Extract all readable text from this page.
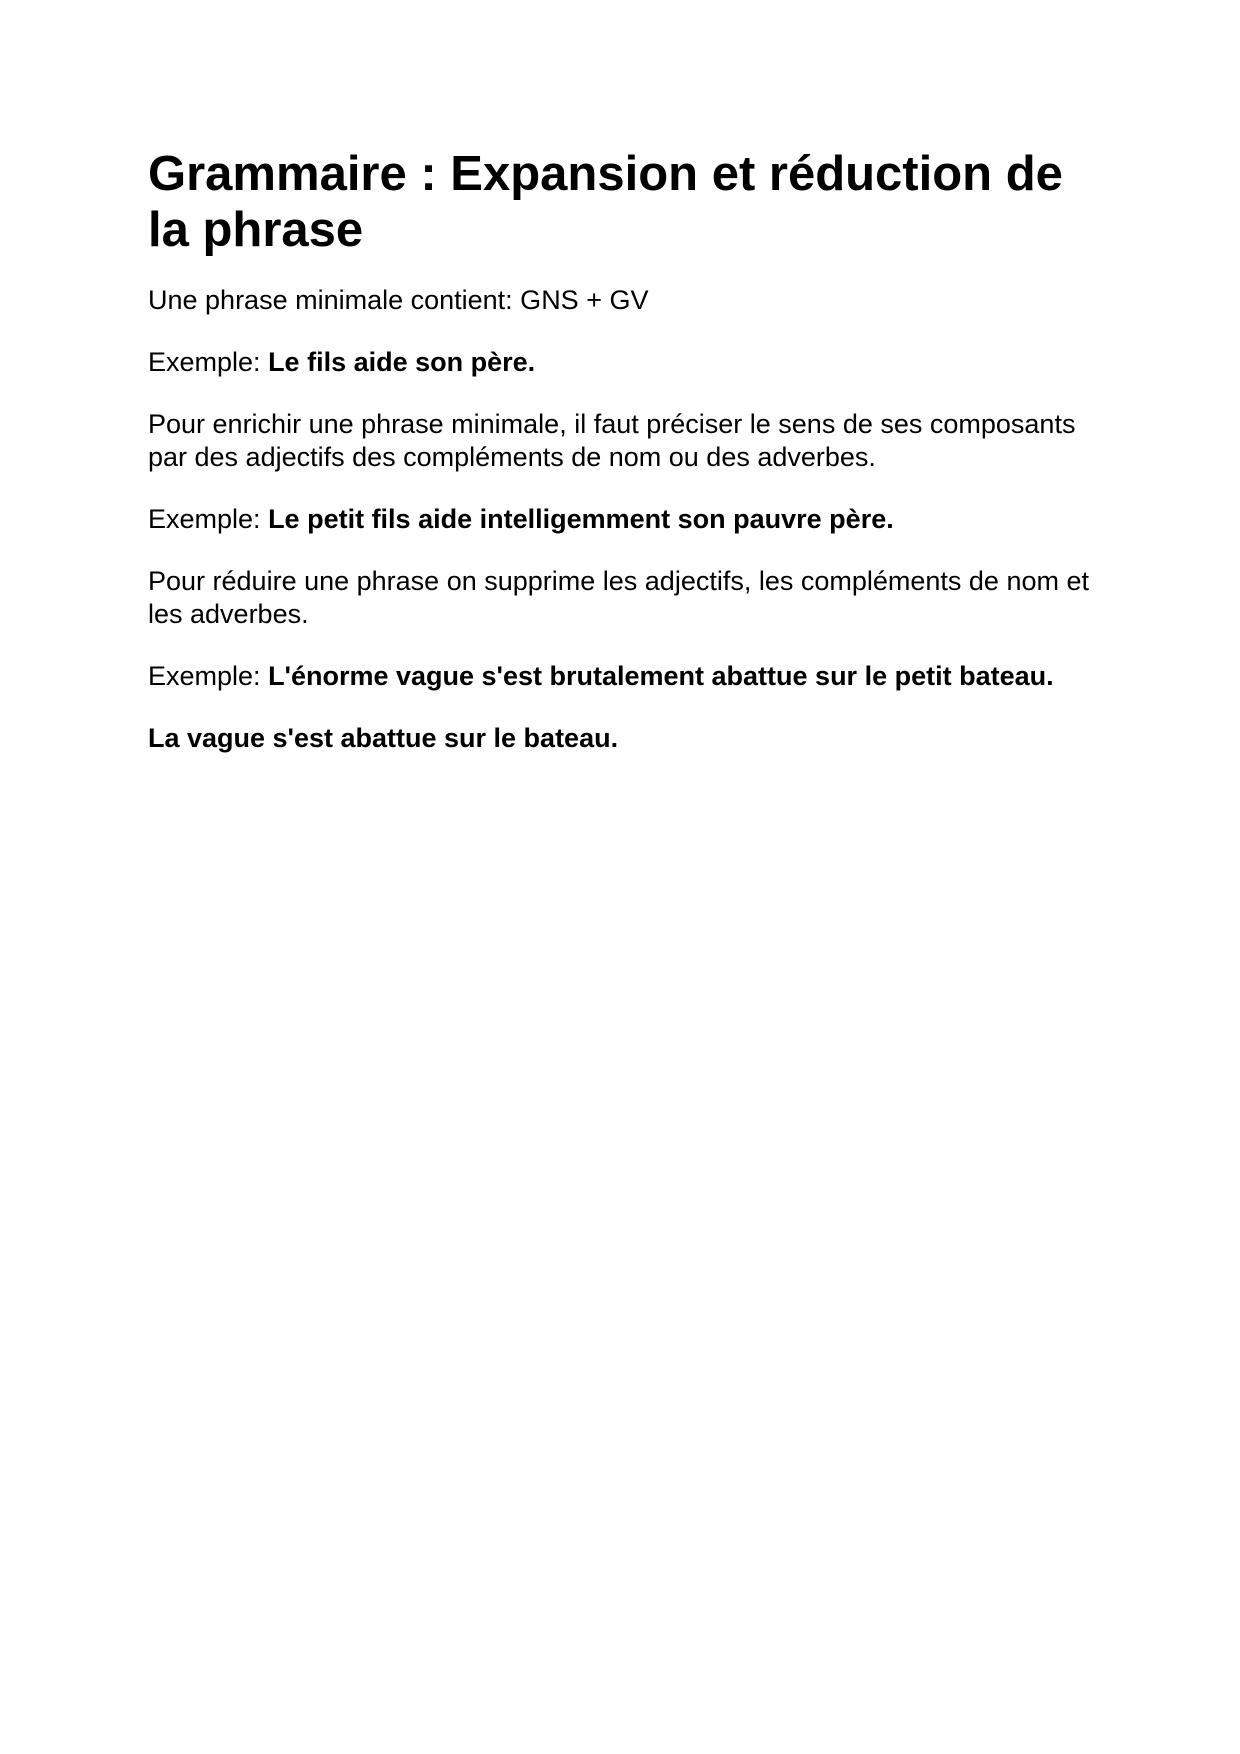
Grammaire : Expansion et réduction de la phrase

Une phrase minimale contient: GNS + GV

Exemple: Le fils aide son père.

Pour enrichir une phrase minimale, il faut préciser le sens de ses composants par des adjectifs des compléments de nom ou des adverbes.

Exemple: Le petit fils aide intelligemment son pauvre père.

Pour réduire une phrase on supprime les adjectifs, les compléments de nom et les adverbes.

Exemple: L'énorme vague s'est brutalement abattue sur le petit bateau.

La vague s'est abattue sur le bateau.
